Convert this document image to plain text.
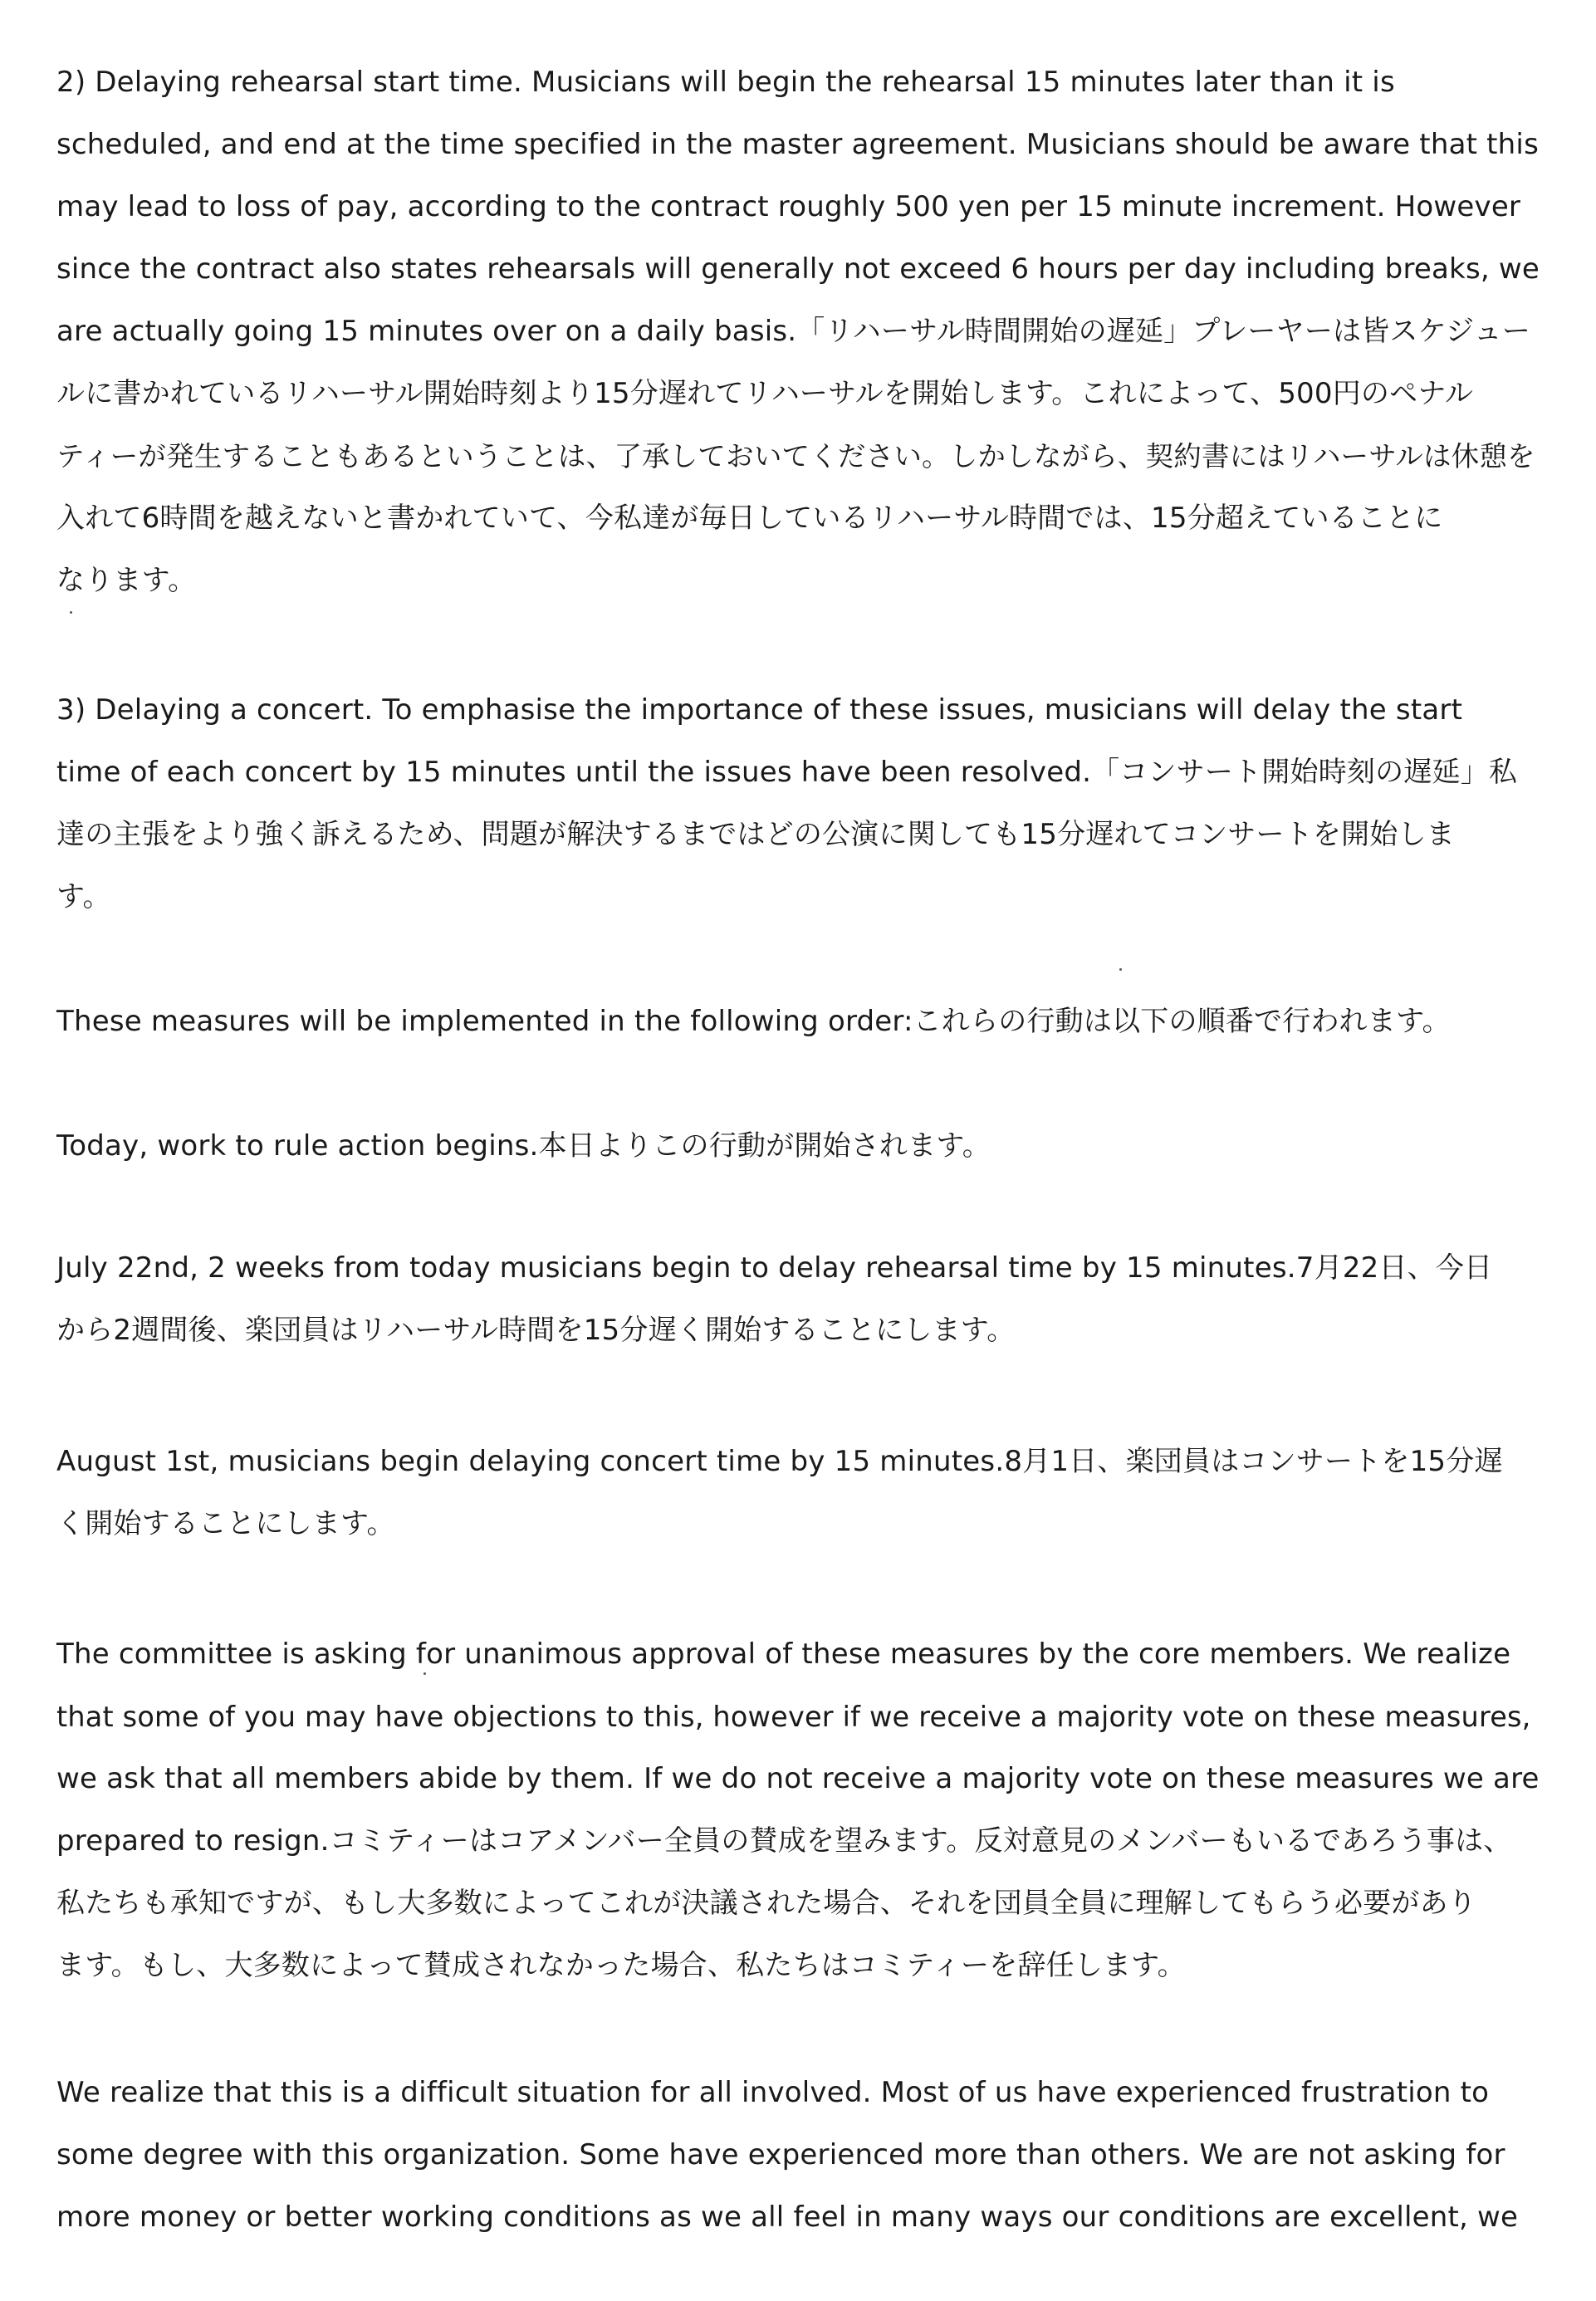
2) Delaying rehearsal start time. Musicians will begin the rehearsal 15 minutes later than it is
scheduled, and end at the time specified in the master agreement. Musicians should be aware that this
may lead to loss of pay, according to the contract roughly 500 yen per 15 minute increment. However
since the contract also states rehearsals will generally not exceed 6 hours per day including breaks, we
are actually going 15 minutes over on a daily basis.「リハーサル時間開始の遅延」プレーヤーは皆スケジュー
ルに書かれているリハーサル開始時刻より15分遅れてリハーサルを開始します。これによって、500円のペナル
ティーが発生することもあるということは、了承しておいてください。しかしながら、契約書にはリハーサルは休憩を
入れて6時間を越えないと書かれていて、今私達が毎日しているリハーサル時間では、15分超えていることに
なります。
3) Delaying a concert. To emphasise the importance of these issues, musicians will delay the start
time of each concert by 15 minutes until the issues have been resolved.「コンサート開始時刻の遅延」私
達の主張をより強く訴えるため、問題が解決するまではどの公演に関しても15分遅れてコンサートを開始しま
す。
These measures will be implemented in the following order:これらの行動は以下の順番で行われます。
Today, work to rule action begins.本日よりこの行動が開始されます。
July 22nd, 2 weeks from today musicians begin to delay rehearsal time by 15 minutes.7月22日、今日
から2週間後、楽団員はリハーサル時間を15分遅く開始することにします。
August 1st, musicians begin delaying concert time by 15 minutes.8月1日、楽団員はコンサートを15分遅
く開始することにします。
The committee is asking for unanimous approval of these measures by the core members. We realize
that some of you may have objections to this, however if we receive a majority vote on these measures,
we ask that all members abide by them. If we do not receive a majority vote on these measures we are
prepared to resign.コミティーはコアメンバー全員の賛成を望みます。反対意見のメンバーもいるであろう事は、
私たちも承知ですが、もし大多数によってこれが決議された場合、それを団員全員に理解してもらう必要があり
ます。もし、大多数によって賛成されなかった場合、私たちはコミティーを辞任します。
We realize that this is a difficult situation for all involved. Most of us have experienced frustration to
some degree with this organization. Some have experienced more than others. We are not asking for
more money or better working conditions as we all feel in many ways our conditions are excellent, we
